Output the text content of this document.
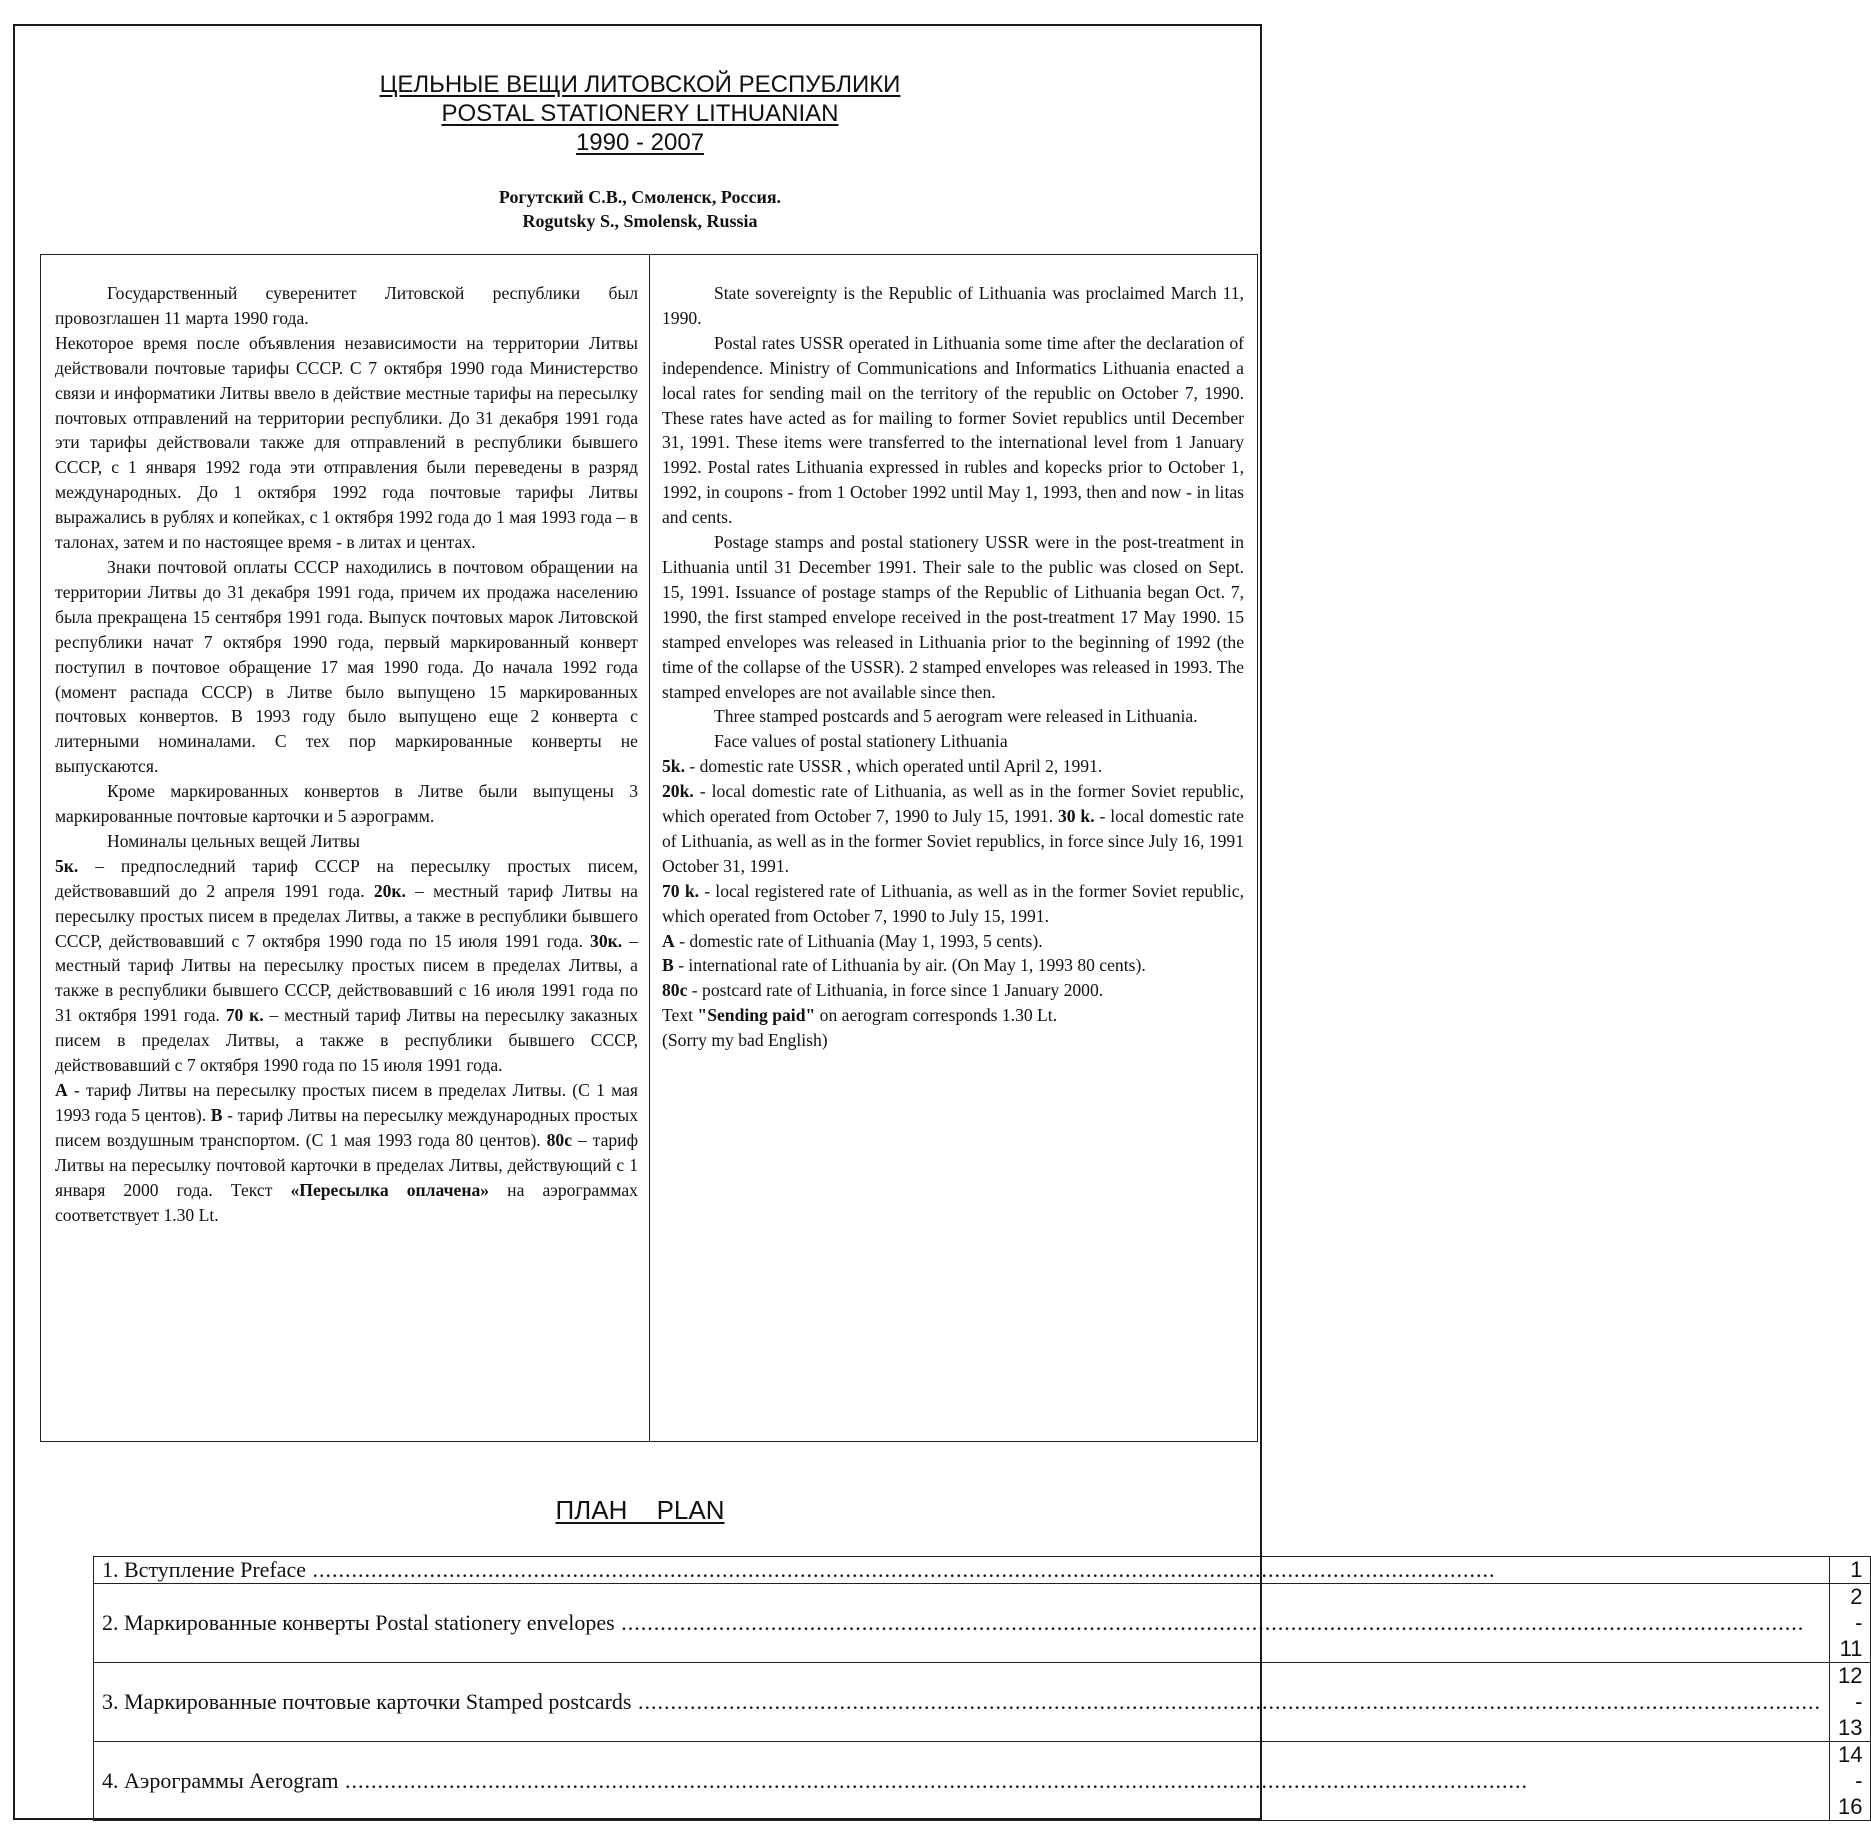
ЦЕЛЬНЫЕ ВЕЩИ ЛИТОВСКОЙ РЕСПУБЛИКИ
POSTAL STATIONERY LITHUANIAN
1990 - 2007
Рогутский С.В., Смоленск, Россия.
Rogutsky S., Smolensk, Russia

Государственный суверенитет Литовской республики был провозглашен 11 марта 1990 года.

Некоторое время после объявления независимости на территории Литвы действовали почтовые тарифы СССР. С 7 октября 1990 года Министерство связи и информатики Литвы ввело в действие местные тарифы на пересылку почтовых отправлений на территории республики. До 31 декабря 1991 года эти тарифы действовали также для отправлений в республики бывшего СССР, с 1 января 1992 года эти отправления были переведены в разряд международных. До 1 октября 1992 года почтовые тарифы Литвы выражались в рублях и копейках, с 1 октября 1992 года до 1 мая 1993 года – в талонах, затем и по настоящее время - в литах и центах.

Знаки почтовой оплаты СССР находились в почтовом обращении на территории Литвы до 31 декабря 1991 года, причем их продажа населению была прекращена 15 сентября 1991 года. Выпуск почтовых марок Литовской республики начат 7 октября 1990 года, первый маркированный конверт поступил в почтовое обращение 17 мая 1990 года. До начала 1992 года (момент распада СССР) в Литве было выпущено 15 маркированных почтовых конвертов. В 1993 году было выпущено еще 2 конверта с литерными номиналами. С тех пор маркированные конверты не выпускаются.

Кроме маркированных конвертов в Литве были выпущены 3 маркированные почтовые карточки и 5 аэрограмм.

Номиналы цельных вещей Литвы

5к. – предпоследний тариф СССР на пересылку простых писем, действовавший до 2 апреля 1991 года. 20к. – местный тариф Литвы на пересылку простых писем в пределах Литвы, а также в республики бывшего СССР, действовавший с 7 октября 1990 года по 15 июля 1991 года. 30к. – местный тариф Литвы на пересылку простых писем в пределах Литвы, а также в республики бывшего СССР, действовавший с 16 июля 1991 года по 31 октября 1991 года. 70 к. – местный тариф Литвы на пересылку заказных писем в пределах Литвы, а также в республики бывшего СССР, действовавший с 7 октября 1990 года по 15 июля 1991 года.

А - тариф Литвы на пересылку простых писем в пределах Литвы. (С 1 мая 1993 года 5 центов). В - тариф Литвы на пересылку международных простых писем воздушным транспортом. (С 1 мая 1993 года 80 центов). 80с – тариф Литвы на пересылку почтовой карточки в пределах Литвы, действующий с 1 января 2000 года. Текст «Пересылка оплачена» на аэрограммах соответствует 1.30 Lt.

State sovereignty is the Republic of Lithuania was proclaimed March 11, 1990.

Postal rates USSR operated in Lithuania some time after the declaration of independence. Ministry of Communications and Informatics Lithuania enacted a local rates for sending mail on the territory of the republic on October 7, 1990. These rates have acted as for mailing to former Soviet republics until December 31, 1991. These items were transferred to the international level from 1 January 1992. Postal rates Lithuania expressed in rubles and kopecks prior to October 1, 1992, in coupons - from 1 October 1992 until May 1, 1993, then and now - in litas and cents.

Postage stamps and postal stationery USSR were in the post-treatment in Lithuania until 31 December 1991. Their sale to the public was closed on Sept. 15, 1991. Issuance of postage stamps of the Republic of Lithuania began Oct. 7, 1990, the first stamped envelope received in the post-treatment 17 May 1990. 15 stamped envelopes was released in Lithuania prior to the beginning of 1992 (the time of the collapse of the USSR). 2 stamped envelopes was released in 1993. The stamped envelopes are not available since then.

Three stamped postcards and 5 aerogram were released in Lithuania.

Face values of postal stationery Lithuania

5k. - domestic rate USSR , which operated until April 2, 1991.

20k. - local domestic rate of Lithuania, as well as in the former Soviet republic, which operated from October 7, 1990 to July 15, 1991. 30 k. - local domestic rate of Lithuania, as well as in the former Soviet republics, in force since July 16, 1991 October 31, 1991.

70 k. - local registered rate of Lithuania, as well as in the former Soviet republic, which operated from October 7, 1990 to July 15, 1991.

A - domestic rate of Lithuania (May 1, 1993, 5 cents).

B - international rate of Lithuania by air. (On May 1, 1993 80 cents).

80c - postcard rate of Lithuania, in force since 1 January 2000.

Text "Sending paid" on aerogram corresponds 1.30 Lt.

(Sorry my bad English)

ПЛАН PLAN
1. Вступление Preface .....	1
2. Маркированные конверты Postal stationery envelopes .....	2 - 11
3. Маркированные почтовые карточки Stamped postcards .....	12 - 13
4. Аэрограммы Aerogram .....	14 - 16
